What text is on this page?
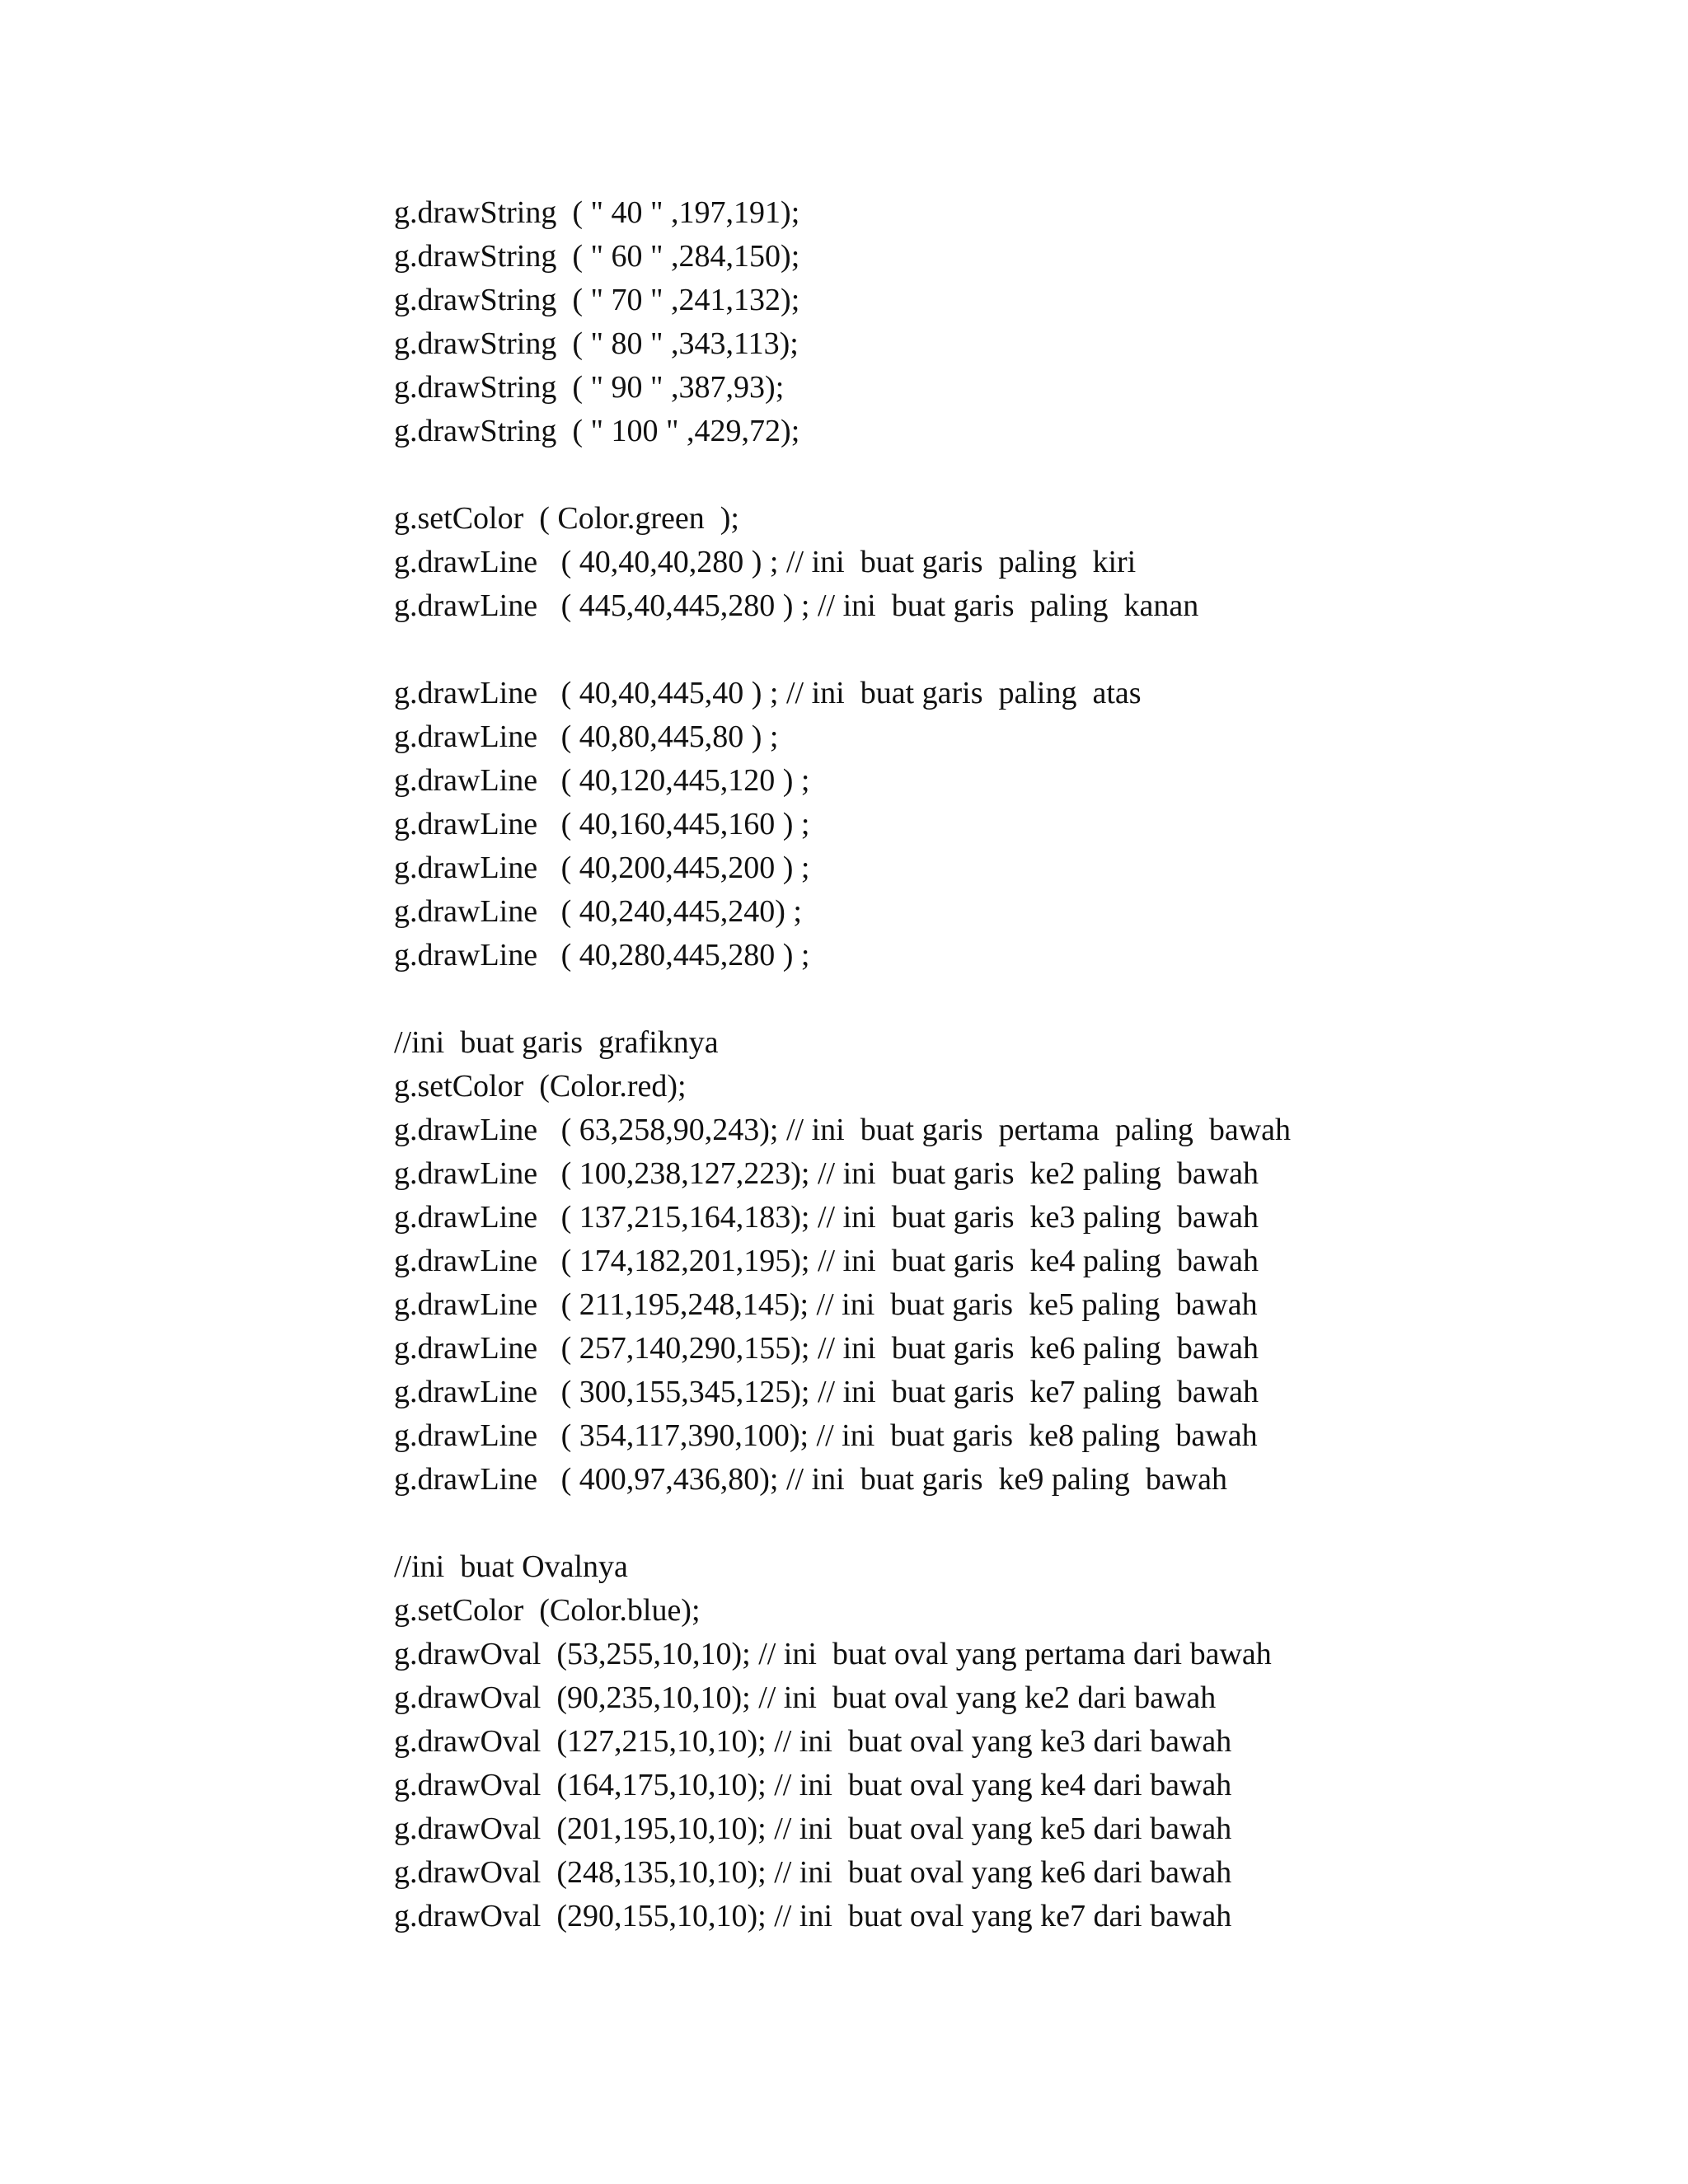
g.drawString  ( " 40 " ,197,191);
g.drawString  ( " 60 " ,284,150);
g.drawString  ( " 70 " ,241,132);
g.drawString  ( " 80 " ,343,113);
g.drawString  ( " 90 " ,387,93);
g.drawString  ( " 100 " ,429,72);
g.setColor  ( Color.green  );
g.drawLine   ( 40,40,40,280 ) ; // ini  buat garis  paling  kiri
g.drawLine   ( 445,40,445,280 ) ; // ini  buat garis  paling  kanan
g.drawLine   ( 40,40,445,40 ) ; // ini  buat garis  paling  atas
g.drawLine   ( 40,80,445,80 ) ;
g.drawLine   ( 40,120,445,120 ) ;
g.drawLine   ( 40,160,445,160 ) ;
g.drawLine   ( 40,200,445,200 ) ;
g.drawLine   ( 40,240,445,240) ;
g.drawLine   ( 40,280,445,280 ) ;
//ini  buat garis  grafiknya
g.setColor  (Color.red);
g.drawLine   ( 63,258,90,243); // ini  buat garis  pertama  paling  bawah
g.drawLine   ( 100,238,127,223); // ini  buat garis  ke2 paling  bawah
g.drawLine   ( 137,215,164,183); // ini  buat garis  ke3 paling  bawah
g.drawLine   ( 174,182,201,195); // ini  buat garis  ke4 paling  bawah
g.drawLine   ( 211,195,248,145); // ini  buat garis  ke5 paling  bawah
g.drawLine   ( 257,140,290,155); // ini  buat garis  ke6 paling  bawah
g.drawLine   ( 300,155,345,125); // ini  buat garis  ke7 paling  bawah
g.drawLine   ( 354,117,390,100); // ini  buat garis  ke8 paling  bawah
g.drawLine   ( 400,97,436,80); // ini  buat garis  ke9 paling  bawah
//ini  buat Ovalnya
g.setColor  (Color.blue);
g.drawOval  (53,255,10,10); // ini  buat oval yang pertama dari bawah
g.drawOval  (90,235,10,10); // ini  buat oval yang ke2 dari bawah
g.drawOval  (127,215,10,10); // ini  buat oval yang ke3 dari bawah
g.drawOval  (164,175,10,10); // ini  buat oval yang ke4 dari bawah
g.drawOval  (201,195,10,10); // ini  buat oval yang ke5 dari bawah
g.drawOval  (248,135,10,10); // ini  buat oval yang ke6 dari bawah
g.drawOval  (290,155,10,10); // ini  buat oval yang ke7 dari bawah
